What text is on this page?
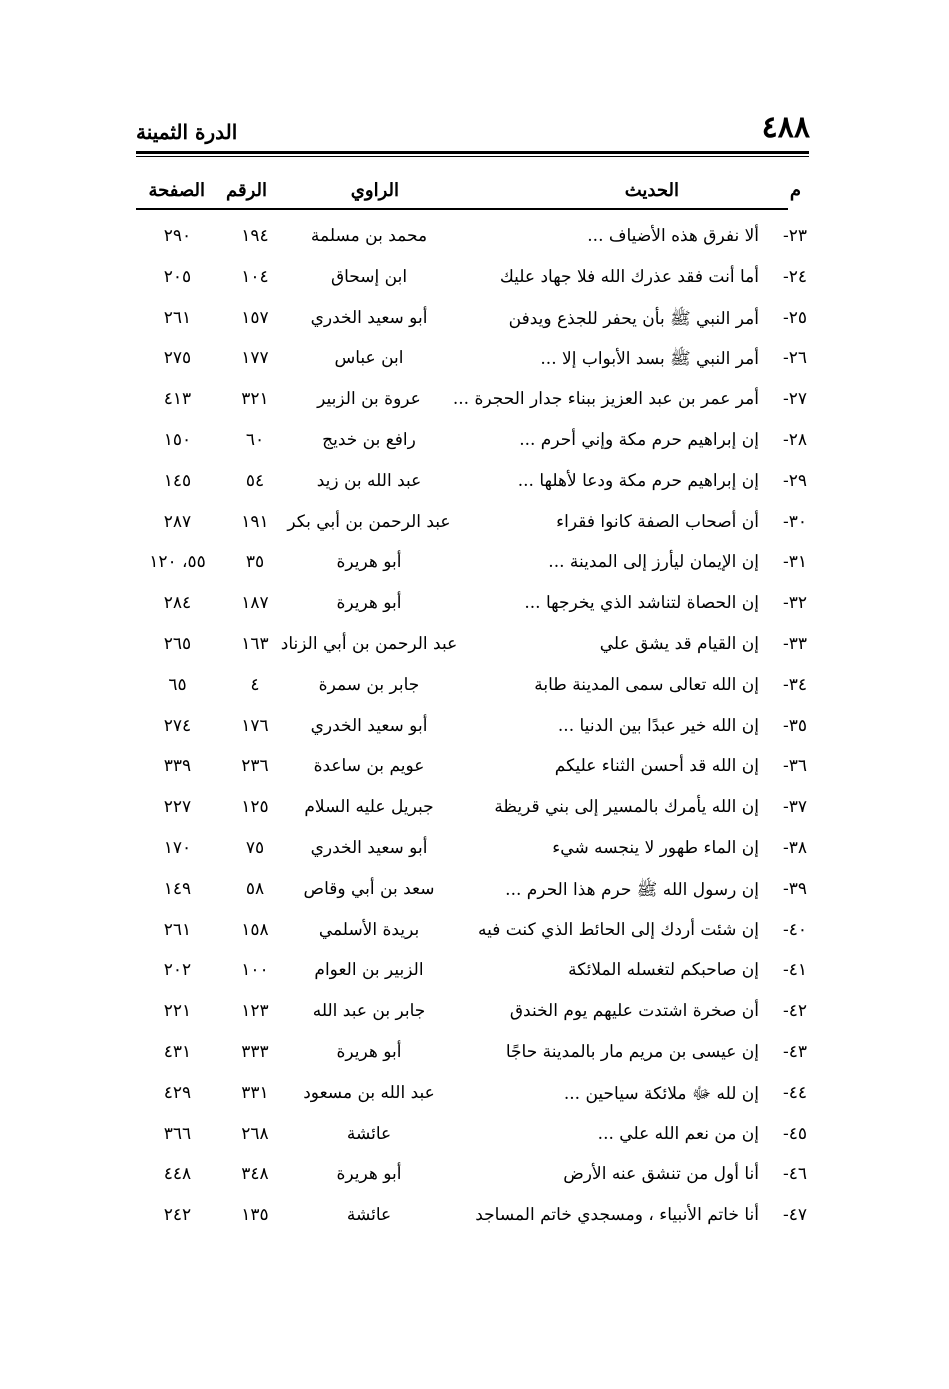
٤٨٨
الدرة الثمينة
م
الحديث
الراوي
الرقم
الصفحة
٢٣-
ألا نفرق هذه الأضياف ...
محمد بن مسلمة
١٩٤
٢٩٠
٢٤-
أما أنت فقد عذرك الله فلا جهاد عليك
ابن إسحاق
١٠٤
٢٠٥
٢٥-
أمر النبي ﷺ بأن يحفر للجذع ويدفن
أبو سعيد الخدري
١٥٧
٢٦١
٢٦-
أمر النبي ﷺ بسد الأبواب إلا ...
ابن عباس
١٧٧
٢٧٥
٢٧-
أمر عمر بن عبد العزيز ببناء جدار الحجرة ...
عروة بن الزبير
٣٢١
٤١٣
٢٨-
إن إبراهيم حرم مكة وإني أحرم ...
رافع بن خديج
٦٠
١٥٠
٢٩-
إن إبراهيم حرم مكة ودعا لأهلها ...
عبد الله بن زيد
٥٤
١٤٥
٣٠-
أن أصحاب الصفة كانوا فقراء
عبد الرحمن بن أبي بكر
١٩١
٢٨٧
٣١-
إن الإيمان ليأرز إلى المدينة ...
أبو هريرة
٣٥
٥٥، ١٢٠
٣٢-
إن الحصاة لتناشد الذي يخرجها ...
أبو هريرة
١٨٧
٢٨٤
٣٣-
إن القيام قد يشق علي
عبد الرحمن بن أبي الزناد
١٦٣
٢٦٥
٣٤-
إن الله تعالى سمى المدينة طابة
جابر بن سمرة
٤
٦٥
٣٥-
إن الله خير عبدًا بين الدنيا ...
أبو سعيد الخدري
١٧٦
٢٧٤
٣٦-
إن الله قد أحسن الثناء عليكم
عويم بن ساعدة
٢٣٦
٣٣٩
٣٧-
إن الله يأمرك بالمسير إلى بني قريظة
جبريل عليه السلام
١٢٥
٢٢٧
٣٨-
إن الماء طهور لا ينجسه شيء
أبو سعيد الخدري
٧٥
١٧٠
٣٩-
إن رسول الله ﷺ حرم هذا الحرم ...
سعد بن أبي وقاص
٥٨
١٤٩
٤٠-
إن شئت أردك إلى الحائط الذي كنت فيه
بريدة الأسلمي
١٥٨
٢٦١
٤١-
إن صاحبكم لتغسله الملائكة
الزبير بن العوام
١٠٠
٢٠٢
٤٢-
أن صخرة اشتدت عليهم يوم الخندق
جابر بن عبد الله
١٢٣
٢٢١
٤٣-
إن عيسى بن مريم مار بالمدينة حاجًا
أبو هريرة
٣٣٣
٤٣١
٤٤-
إن لله ﷻ ملائكة سياحين ...
عبد الله بن مسعود
٣٣١
٤٢٩
٤٥-
إن من نعم الله علي ...
عائشة
٢٦٨
٣٦٦
٤٦-
أنا أول من تنشق عنه الأرض
أبو هريرة
٣٤٨
٤٤٨
٤٧-
أنا خاتم الأنبياء ، ومسجدي خاتم المساجد
عائشة
١٣٥
٢٤٢
